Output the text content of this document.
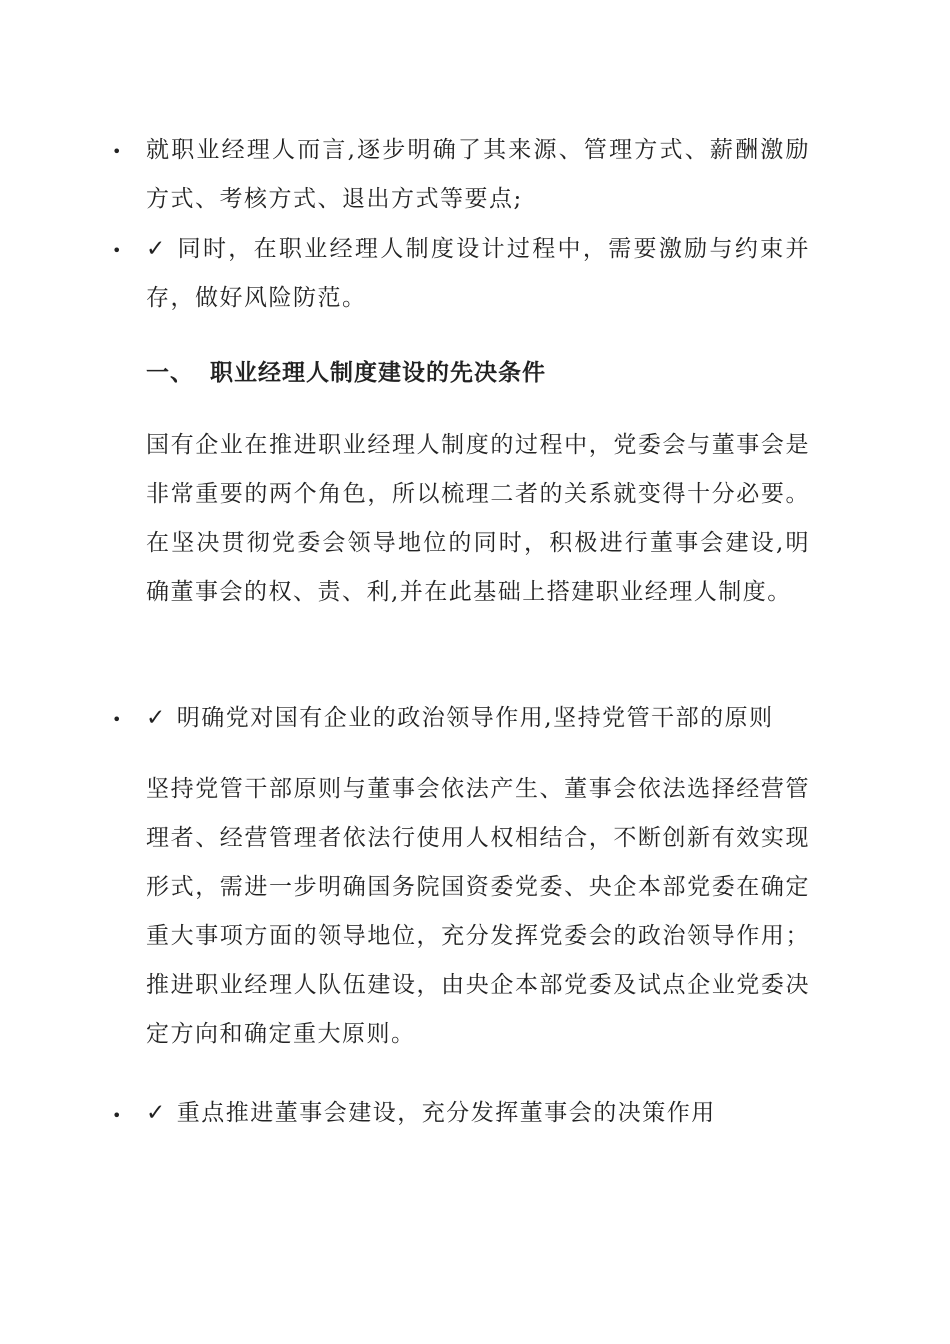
• 就职业经理人而言,逐步明确了其来源、管理方式、薪酬激励方式、考核方式、退出方式等要点;

• ✓ 同时，在职业经理人制度设计过程中，需要激励与约束并存，做好风险防范。

一、 职业经理人制度建设的先决条件

国有企业在推进职业经理人制度的过程中，党委会与董事会是非常重要的两个角色，所以梳理二者的关系就变得十分必要。在坚决贯彻党委会领导地位的同时，积极进行董事会建设,明确董事会的权、责、利,并在此基础上搭建职业经理人制度。

• ✓ 明确党对国有企业的政治领导作用,坚持党管干部的原则

坚持党管干部原则与董事会依法产生、董事会依法选择经营管理者、经营管理者依法行使用人权相结合，不断创新有效实现形式，需进一步明确国务院国资委党委、央企本部党委在确定重大事项方面的领导地位，充分发挥党委会的政治领导作用；推进职业经理人队伍建设，由央企本部党委及试点企业党委决定方向和确定重大原则。

• ✓ 重点推进董事会建设，充分发挥董事会的决策作用
